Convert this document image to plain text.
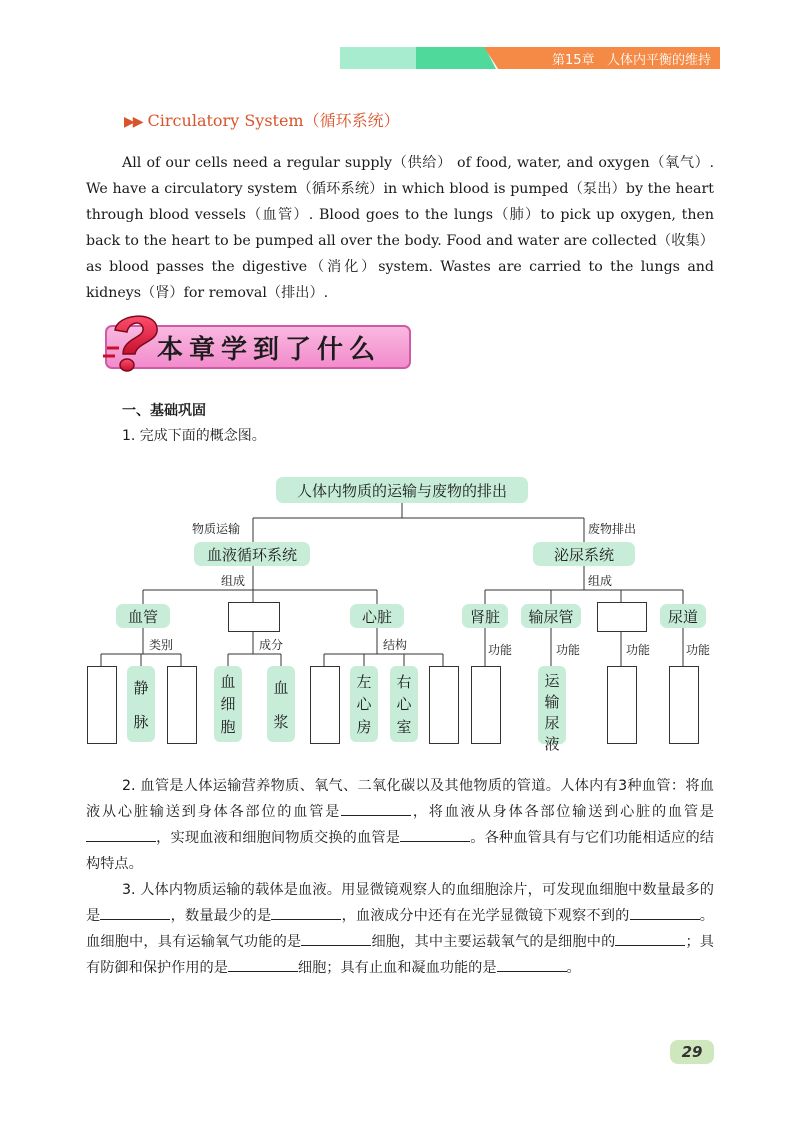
第15章 人体内平衡的维持
▶▶ Circulatory System（循环系统）

All of our cells need a regular supply（供给） of food, water, and oxygen（氧气）. We have a circulatory system（循环系统）in which blood is pumped（泵出）by the heart through blood vessels（血管）. Blood goes to the lungs（肺）to pick up oxygen, then back to the heart to be pumped all over the body. Food and water are collected（收集） as blood passes the digestive（消化）system. Wastes are carried to the lungs and kidneys（肾）for removal（排出）.

本章学到了什么
一、基础巩固
1. 完成下面的概念图。
人体内物质的运输与废物的排出
物质运输	废物排出
血液循环系统	泌尿系统
组成	组成
血管	心脏	肾脏	输尿管	尿道
类别	成分	结构	功能	功能	功能	功能
静
脉
血
细
胞
血
浆
左
心
房
右
心
室
运
输
尿
液

2. 血管是人体运输营养物质、氧气、二氧化碳以及其他物质的管道。人体内有3种血管：将血液从心脏输送到身体各部位的血管是	，将血液从身体各部位输送到心脏的血管是，实现血液和细胞间物质交换的血管是	。各种血管具有与它们功能相适应的结构特点。

3. 人体内物质运输的载体是血液。用显微镜观察人的血细胞涂片，可发现血细胞中数量最多的是	，数量最少的是	，血液成分中还有在光学显微镜下观察不到的	。血细胞中，具有运输氧气功能的是	细胞，其中主要运载氧气的是细胞中的	；具有防御和保护作用的是	细胞；具有止血和凝血功能的是	。

29
